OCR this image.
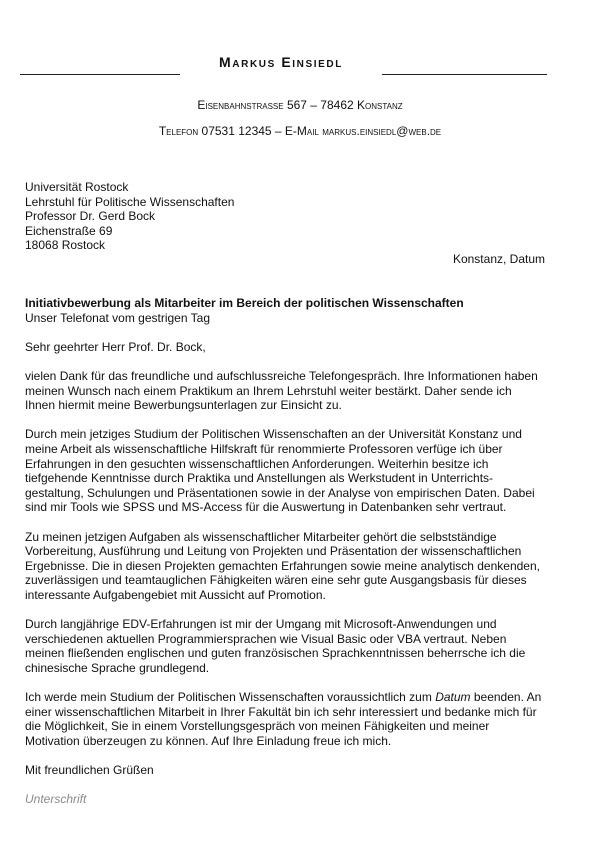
Markus Einsiedl
Eisenbahnstrasse 567 – 78462 Konstanz
Telefon 07531 12345 – E-Mail markus.einsiedl@web.de
Universität Rostock
Lehrstuhl für Politische Wissenschaften
Professor Dr. Gerd Bock
Eichenstraße 69
18068 Rostock
Konstanz, Datum

Initiativbewerbung als Mitarbeiter im Bereich der politischen Wissenschaften
Unser Telefonat vom gestrigen Tag

Sehr geehrter Herr Prof. Dr. Bock,

vielen Dank für das freundliche und aufschlussreiche Telefongespräch. Ihre Informationen haben meinen Wunsch nach einem Praktikum an Ihrem Lehrstuhl weiter bestärkt. Daher sende ich Ihnen hiermit meine Bewerbungsunterlagen zur Einsicht zu.

Durch mein jetziges Studium der Politischen Wissenschaften an der Universität Konstanz und meine Arbeit als wissenschaftliche Hilfskraft für renommierte Professoren verfüge ich über Erfahrungen in den gesuchten wissenschaftlichen Anforderungen. Weiterhin besitze ich tiefgehende Kenntnisse durch Praktika und Anstellungen als Werkstudent in Unterrichts-gestaltung, Schulungen und Präsentationen sowie in der Analyse von empirischen Daten. Dabei sind mir Tools wie SPSS und MS-Access für die Auswertung in Datenbanken sehr vertraut.

Zu meinen jetzigen Aufgaben als wissenschaftlicher Mitarbeiter gehört die selbstständige Vorbereitung, Ausführung und Leitung von Projekten und Präsentation der wissenschaftlichen Ergebnisse. Die in diesen Projekten gemachten Erfahrungen sowie meine analytisch denkenden, zuverlässigen und teamtauglichen Fähigkeiten wären eine sehr gute Ausgangsbasis für dieses interessante Aufgabengebiet mit Aussicht auf Promotion.

Durch langjährige EDV-Erfahrungen ist mir der Umgang mit Microsoft-Anwendungen und verschiedenen aktuellen Programmiersprachen wie Visual Basic oder VBA vertraut. Neben meinen fließenden englischen und guten französischen Sprachkenntnissen beherrsche ich die chinesische Sprache grundlegend.

Ich werde mein Studium der Politischen Wissenschaften voraussichtlich zum Datum beenden. An einer wissenschaftlichen Mitarbeit in Ihrer Fakultät bin ich sehr interessiert und bedanke mich für die Möglichkeit, Sie in einem Vorstellungsgespräch von meinen Fähigkeiten und meiner Motivation überzeugen zu können. Auf Ihre Einladung freue ich mich.

Mit freundlichen Grüßen

Unterschrift
